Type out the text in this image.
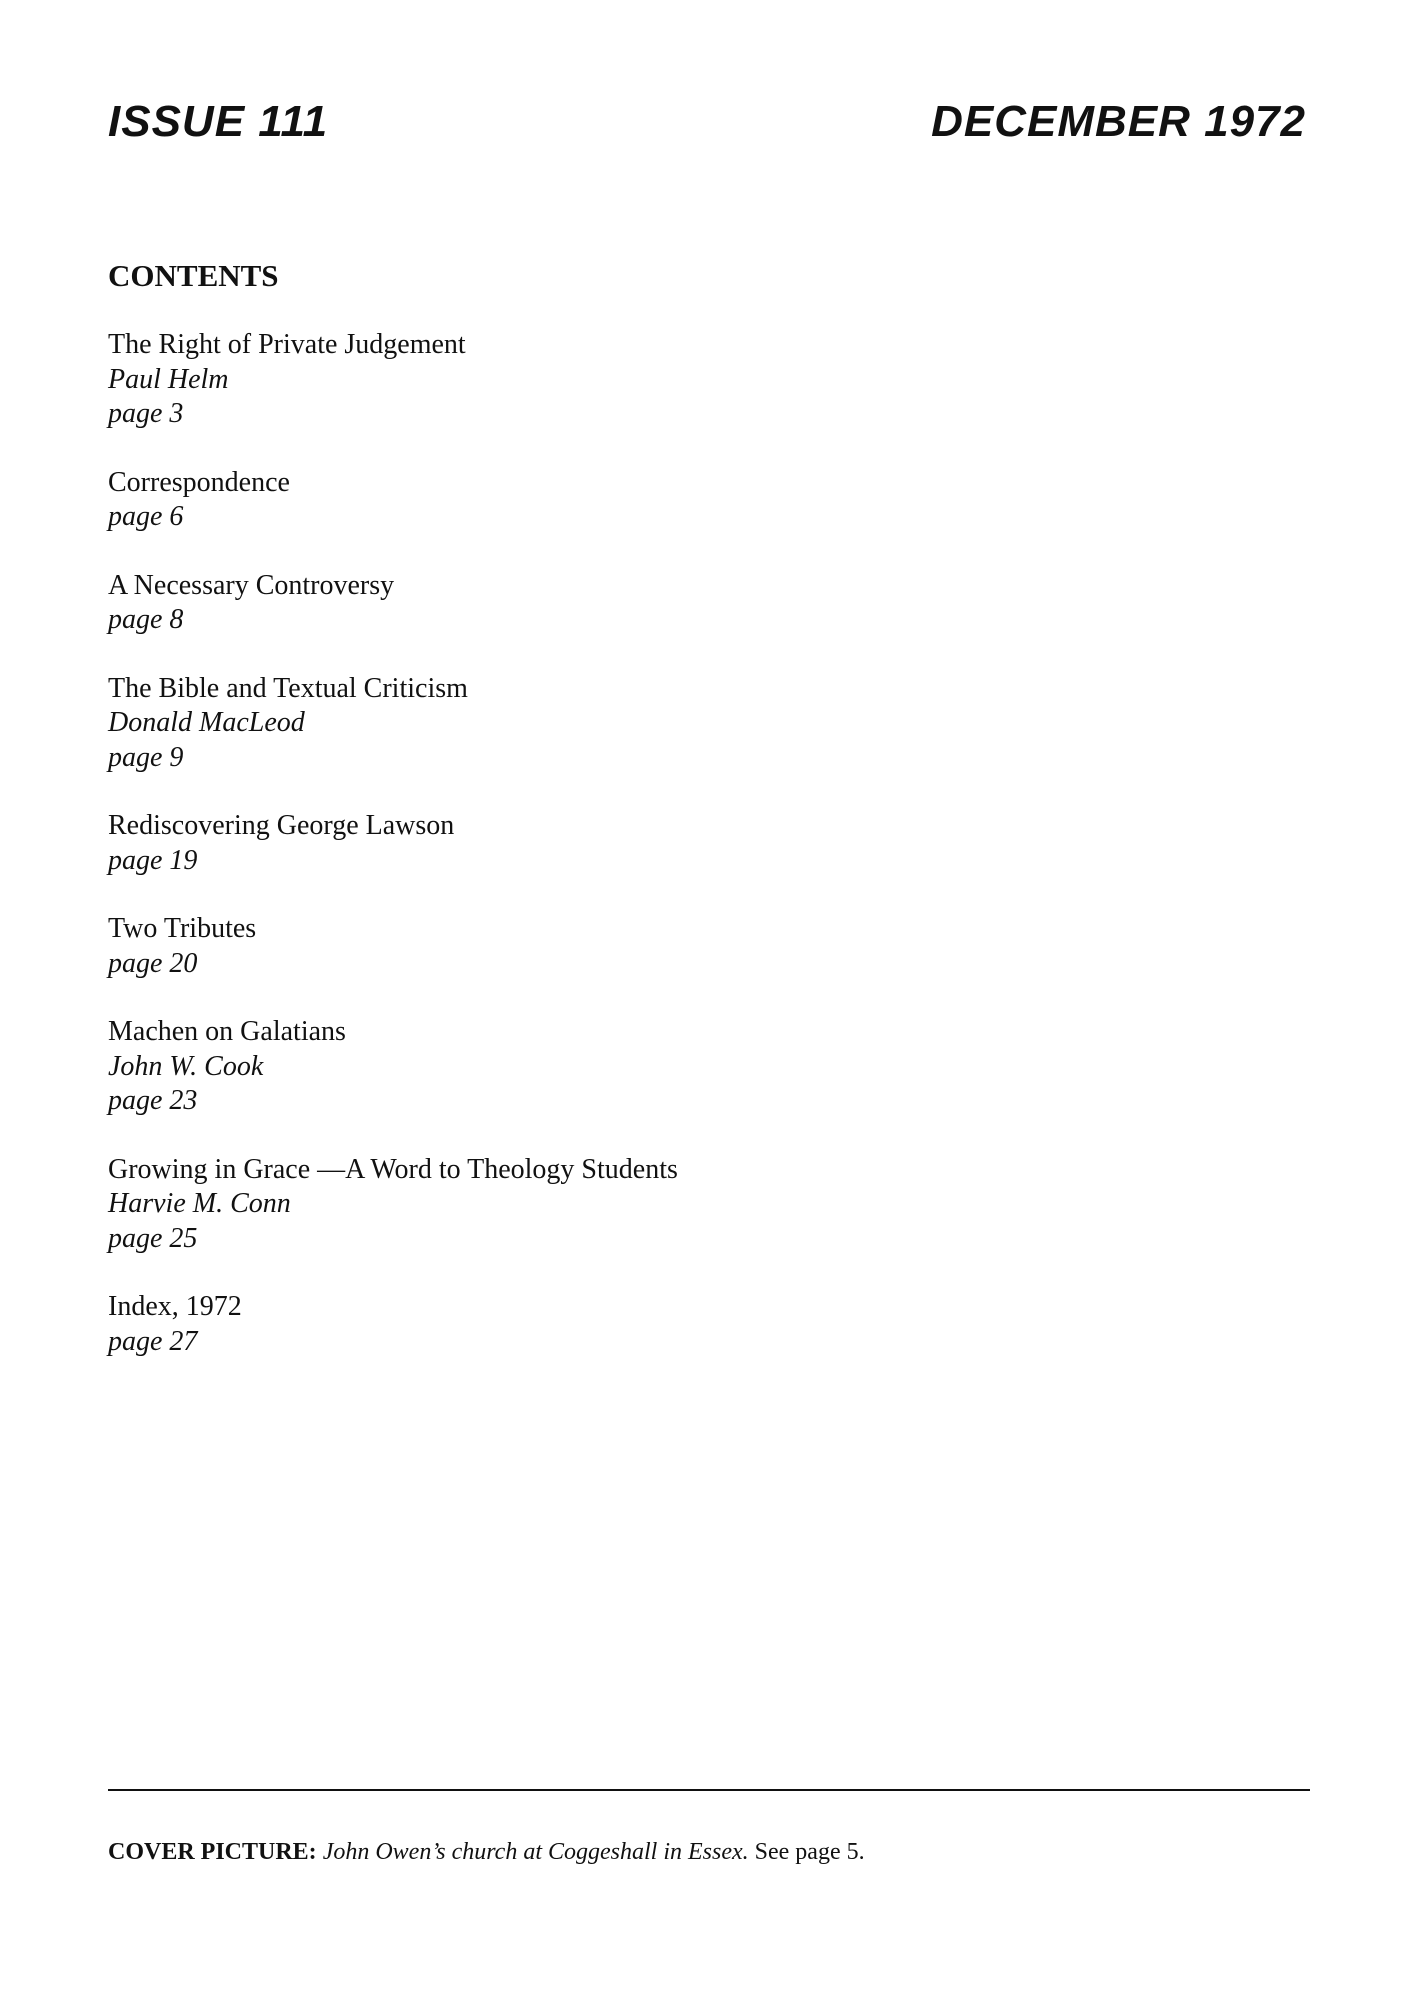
ISSUE 111	DECEMBER 1972
CONTENTS
The Right of Private Judgement
Paul Helm
page 3
Correspondence
page 6
A Necessary Controversy
page 8
The Bible and Textual Criticism
Donald MacLeod
page 9
Rediscovering George Lawson
page 19
Two Tributes
page 20
Machen on Galatians
John W. Cook
page 23
Growing in Grace —A Word to Theology Students
Harvie M. Conn
page 25
Index, 1972
page 27

COVER PICTURE: John Owen’s church at Coggeshall in Essex. See page 5.
